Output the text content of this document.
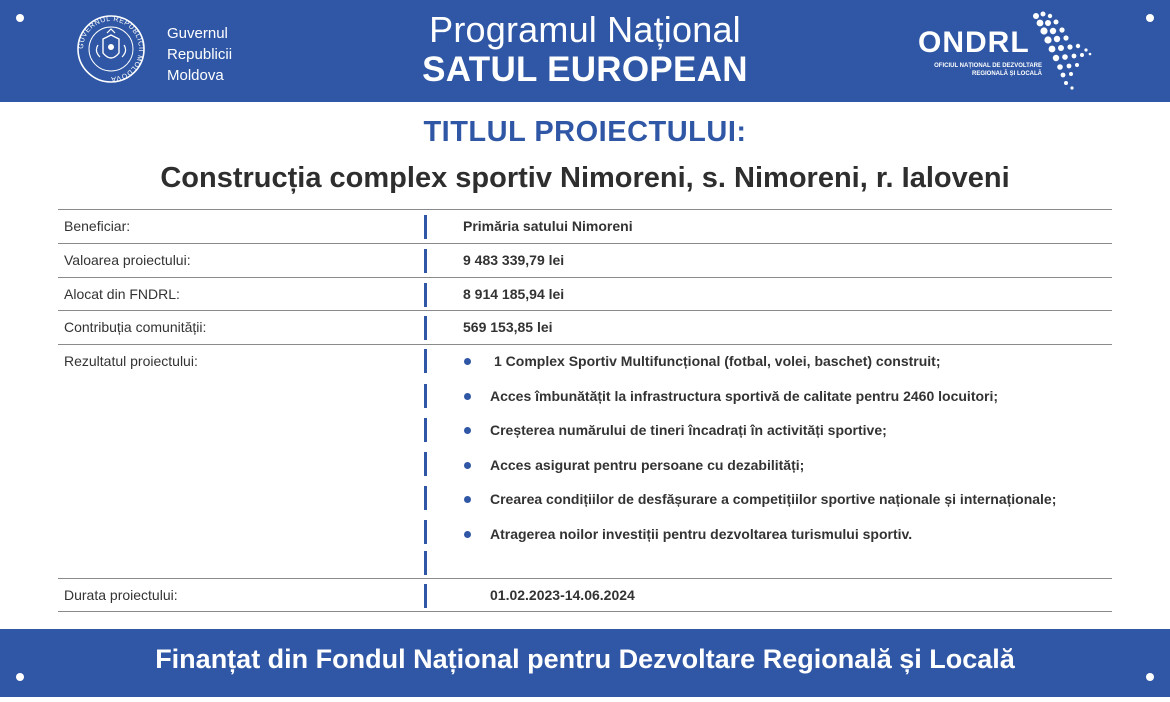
GUVERNUL REPUBLICII MOLDOVA
Guvernul
Republicii
Moldova
Programul Național
SATUL EUROPEAN
ONDRL
OFICIUL NAȚIONAL DE DEZVOLTARE
REGIONALĂ ȘI LOCALĂ
TITLUL PROIECTULUI:
Construcția complex sportiv Nimoreni, s. Nimoreni, r. Ialoveni
Beneficiar:	Primăria satului Nimoreni
Valoarea proiectului:	9 483 339,79 lei
Alocat din FNDRL:	8 914 185,94 lei
Contribuția comunității:	569 153,85 lei
Rezultatul proiectului:	1 Complex Sportiv Multifuncțional (fotbal, volei, baschet) construit;
Acces îmbunătățit la infrastructura sportivă de calitate pentru 2460 locuitori;
Creșterea numărului de tineri încadrați în activități sportive;
Acces asigurat pentru persoane cu dezabilități;
Crearea condițiilor de desfășurare a competițiilor sportive naționale și internaționale;
Atragerea noilor investiții pentru dezvoltarea turismului sportiv.
Durata proiectului:	01.02.2023-14.06.2024
Finanțat din Fondul Național pentru Dezvoltare Regională și Locală
